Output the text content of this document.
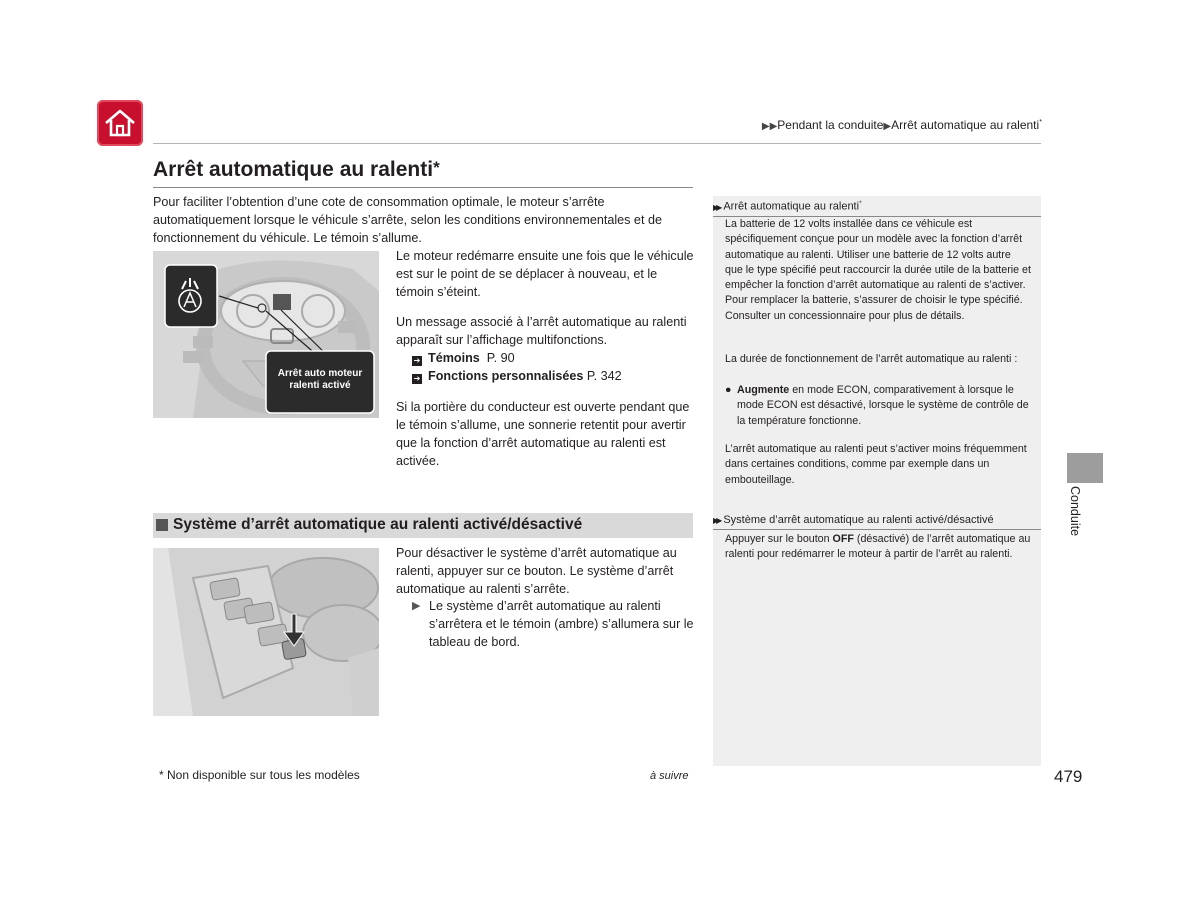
▶▶Pendant la conduite▶Arrêt automatique au ralenti*
Arrêt automatique au ralenti*
Pour faciliter l’obtention d’une cote de consommation optimale, le moteur s’arrête automatiquement lorsque le véhicule s’arrête, selon les conditions environnementales et de fonctionnement du véhicule. Le témoin s’allume.
Arrêt auto moteur
ralenti activé
Le moteur redémarre ensuite une fois que le véhicule est sur le point de se déplacer à nouveau, et le témoin s’éteint.
Un message associé à l’arrêt automatique au ralenti apparaît sur l’affichage multifonctions.
➔ Témoins P. 90
➔ Fonctions personnalisées P. 342
Si la portière du conducteur est ouverte pendant que le témoin s’allume, une sonnerie retentit pour avertir que la fonction d’arrêt automatique au ralenti est activée.
Système d’arrêt automatique au ralenti activé/désactivé
Pour désactiver le système d’arrêt automatique au ralenti, appuyer sur ce bouton. Le système d’arrêt automatique au ralenti s’arrête.
▶ Le système d’arrêt automatique au ralenti s’arrêtera et le témoin (ambre) s’allumera sur le tableau de bord.
▶▶ Arrêt automatique au ralenti*
La batterie de 12 volts installée dans ce véhicule est spécifiquement conçue pour un modèle avec la fonction d’arrêt automatique au ralenti. Utiliser une batterie de 12 volts autre que le type spécifié peut raccourcir la durée utile de la batterie et empêcher la fonction d’arrêt automatique au ralenti de s’activer. Pour remplacer la batterie, s’assurer de choisir le type spécifié. Consulter un concessionnaire pour plus de détails.
La durée de fonctionnement de l’arrêt automatique au ralenti :
● Augmente en mode ECON, comparativement à lorsque le mode ECON est désactivé, lorsque le système de contrôle de la température fonctionne.
L’arrêt automatique au ralenti peut s’activer moins fréquemment dans certaines conditions, comme par exemple dans un embouteillage.
▶▶ Système d’arrêt automatique au ralenti activé/désactivé
Appuyer sur le bouton OFF (désactivé) de l’arrêt automatique au ralenti pour redémarrer le moteur à partir de l’arrêt au ralenti.
Conduite
* Non disponible sur tous les modèles	à suivre	479
